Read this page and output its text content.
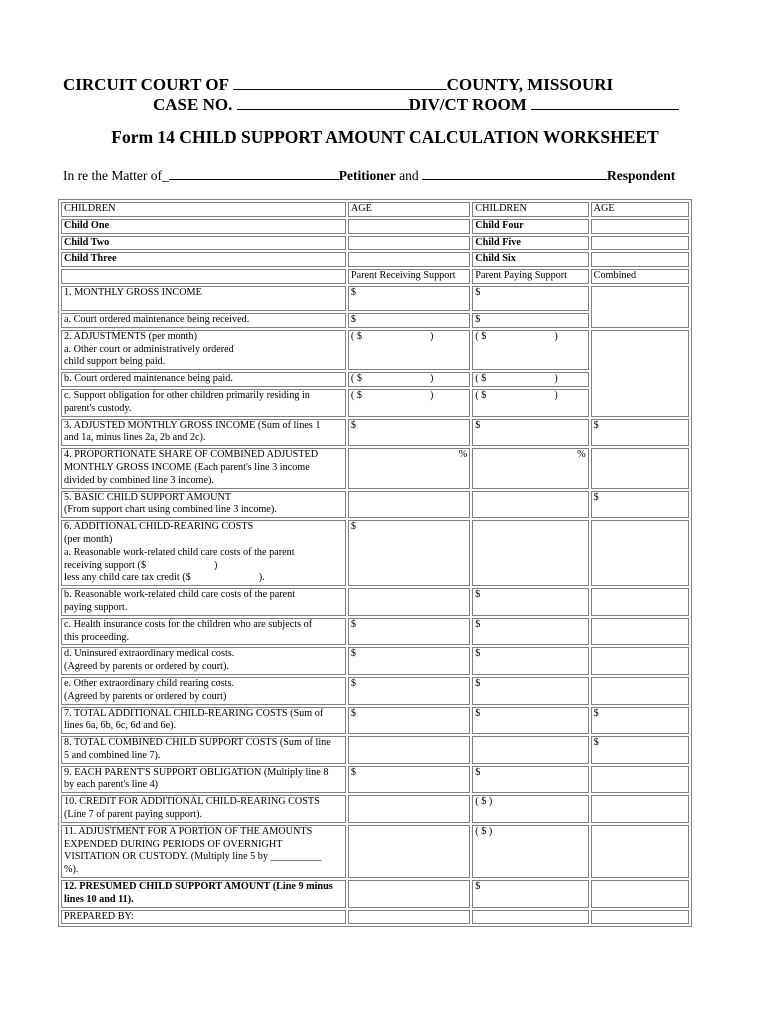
CIRCUIT COURT OF	COUNTY, MISSOURI
CASE NO.	DIV/CT ROOM
Form 14 CHILD SUPPORT AMOUNT CALCULATION WORKSHEET
In re the Matter of_	Petitioner and	Respondent
CHILDREN	AGE	CHILDREN	AGE
Child One		Child Four	
Child Two		Child Five	
Child Three		Child Six	
	Parent Receiving Support	Parent Paying Support	Combined
1. MONTHLY GROSS INCOME	$	$	
a. Court ordered maintenance being received.	$	$	
2. ADJUSTMENTS (per month)
a. Other court or administratively ordered
child support being paid.	( $ )	( $ )	
b. Court ordered maintenance being paid.	( $ )	( $ )	
c. Support obligation for other children primarily residing in
parent's custody.	( $ )	( $ )	
3. ADJUSTED MONTHLY GROSS INCOME (Sum of lines 1
and 1a, minus lines 2a, 2b and 2c).	$	$	$
4. PROPORTIONATE SHARE OF COMBINED ADJUSTED
MONTHLY GROSS INCOME (Each parent's line 3 income
divided by combined line 3 income).	%	%	
5. BASIC CHILD SUPPORT AMOUNT
(From support chart using combined line 3 income).			$
6. ADDITIONAL CHILD-REARING COSTS
(per month)
a. Reasonable work-related child care costs of the parent
receiving support ($ )
less any child care tax credit ($ ).	$		
b. Reasonable work-related child care costs of the parent
paying support.		$	
c. Health insurance costs for the children who are subjects of
this proceeding.	$	$	
d. Uninsured extraordinary medical costs.
(Agreed by parents or ordered by court).	$	$	
e. Other extraordinary child rearing costs.
(Agreed by parents or ordered by court)	$	$	
7. TOTAL ADDITIONAL CHILD-REARING COSTS (Sum of
lines 6a, 6b, 6c, 6d and 6e).	$	$	$
8. TOTAL COMBINED CHILD SUPPORT COSTS (Sum of line
5 and combined line 7).			$
9. EACH PARENT'S SUPPORT OBLIGATION (Multiply line 8
by each parent's line 4)	$	$	
10. CREDIT FOR ADDITIONAL CHILD-REARING COSTS
(Line 7 of parent paying support).		( $ )	
11. ADJUSTMENT FOR A PORTION OF THE AMOUNTS
EXPENDED DURING PERIODS OF OVERNIGHT
VISITATION OR CUSTODY. (Multiply line 5 by __________
%).		( $ )	
12. PRESUMED CHILD SUPPORT AMOUNT (Line 9 minus
lines 10 and 11).		$	
PREPARED BY:			
